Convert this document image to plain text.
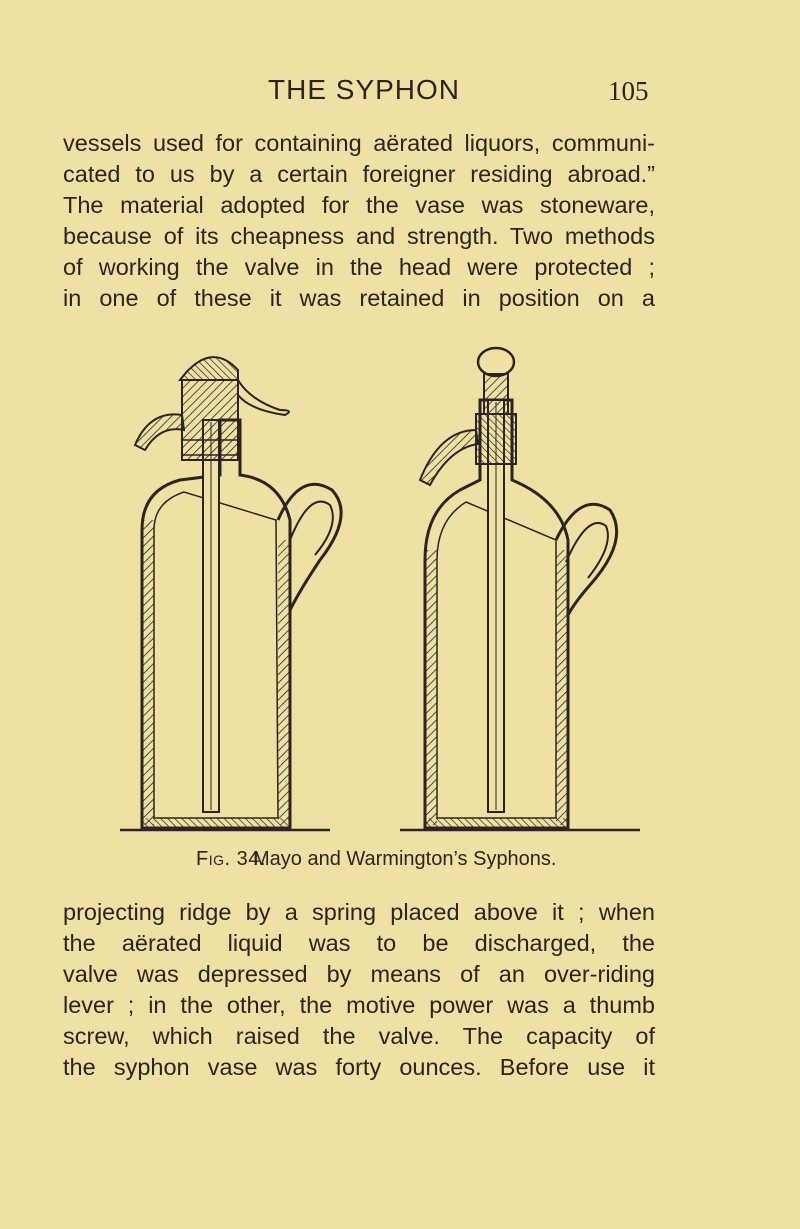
THE SYPHON	105
vessels used for containing aërated liquors, communi-
cated to us by a certain foreigner residing abroad.”
The material adopted for the vase was stoneware,
because of its cheapness and strength. Two methods
of working the valve in the head were protected ;
in one of these it was retained in position on a
Fig. 34.
Mayo and Warmington’s Syphons.
projecting ridge by a spring placed above it ; when
the aërated liquid was to be discharged, the
valve was depressed by means of an over-riding
lever ; in the other, the motive power was a thumb
screw, which raised the valve. The capacity of
the syphon vase was forty ounces. Before use it
